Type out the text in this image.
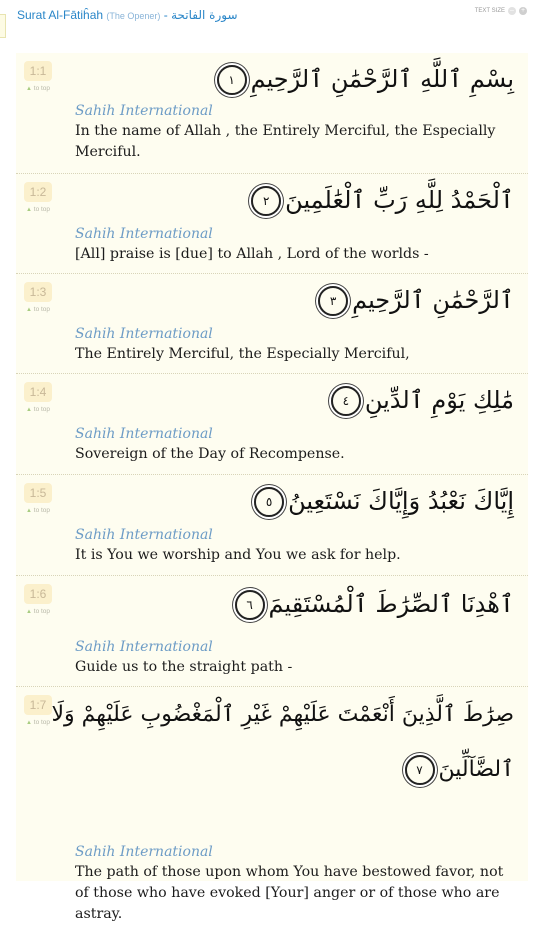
Surat Al-Fātiĥah (The Opener) - سورة الفاتحة	TEXT SIZE – +
1:1
▲ to top	بِسْمِ ٱللَّهِ ٱلرَّحْمَٰنِ ٱلرَّحِيمِ١
Sahih International
In the name of Allah , the Entirely Merciful, the Especially Merciful.
1:2
▲ to top	ٱلْحَمْدُ لِلَّهِ رَبِّ ٱلْعَٰلَمِينَ٢
Sahih International
[All] praise is [due] to Allah , Lord of the worlds -
1:3
▲ to top	ٱلرَّحْمَٰنِ ٱلرَّحِيمِ٣
Sahih International
The Entirely Merciful, the Especially Merciful,
1:4
▲ to top	مَٰلِكِ يَوْمِ ٱلدِّينِ٤
Sahih International
Sovereign of the Day of Recompense.
1:5
▲ to top	إِيَّاكَ نَعْبُدُ وَإِيَّاكَ نَسْتَعِينُ٥
Sahih International
It is You we worship and You we ask for help.
1:6
▲ to top	ٱهْدِنَا ٱلصِّرَٰطَ ٱلْمُسْتَقِيمَ٦
Sahih International
Guide us to the straight path -
1:7
▲ to top صِرَٰطَ ٱلَّذِينَ أَنْعَمْتَ عَلَيْهِمْ غَيْرِ ٱلْمَغْضُوبِ عَلَيْهِمْ وَلَا
ٱلضَّآلِّينَ٧
Sahih International
The path of those upon whom You have bestowed favor, not of those who have evoked [Your] anger or of those who are astray.
